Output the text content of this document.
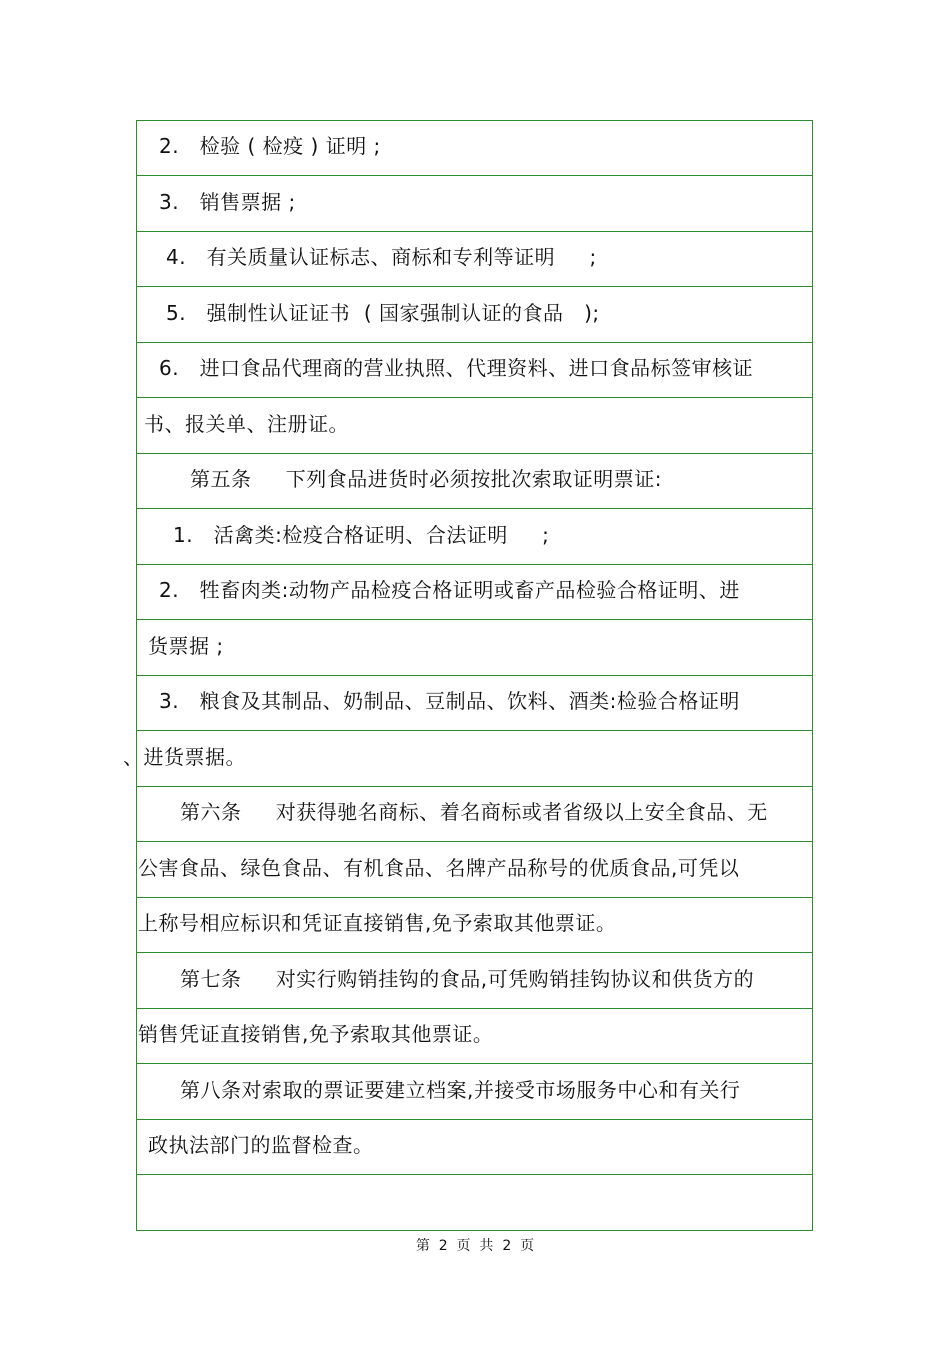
2.   检验 ( 检疫 ) 证明 ;
3.   销售票据 ;
4.   有关质量认证标志、商标和专利等证明     ;
5.   强制性认证证书  ( 国家强制认证的食品   );
6.   进口食品代理商的营业执照、代理资料、进口食品标签审核证
书、报关单、注册证。
第五条     下列食品进货时必须按批次索取证明票证:
1.   活禽类:检疫合格证明、合法证明     ;
2.   牲畜肉类:动物产品检疫合格证明或畜产品检验合格证明、进
货票据 ;
3.   粮食及其制品、奶制品、豆制品、饮料、酒类:检验合格证明
、进货票据。
第六条     对获得驰名商标、着名商标或者省级以上安全食品、无
公害食品、绿色食品、有机食品、名牌产品称号的优质食品,可凭以
上称号相应标识和凭证直接销售,免予索取其他票证。
第七条     对实行购销挂钩的食品,可凭购销挂钩协议和供货方的
销售凭证直接销售,免予索取其他票证。
第八条对索取的票证要建立档案,并接受市场服务中心和有关行
政执法部门的监督检查。
第  2  页  共  2  页
